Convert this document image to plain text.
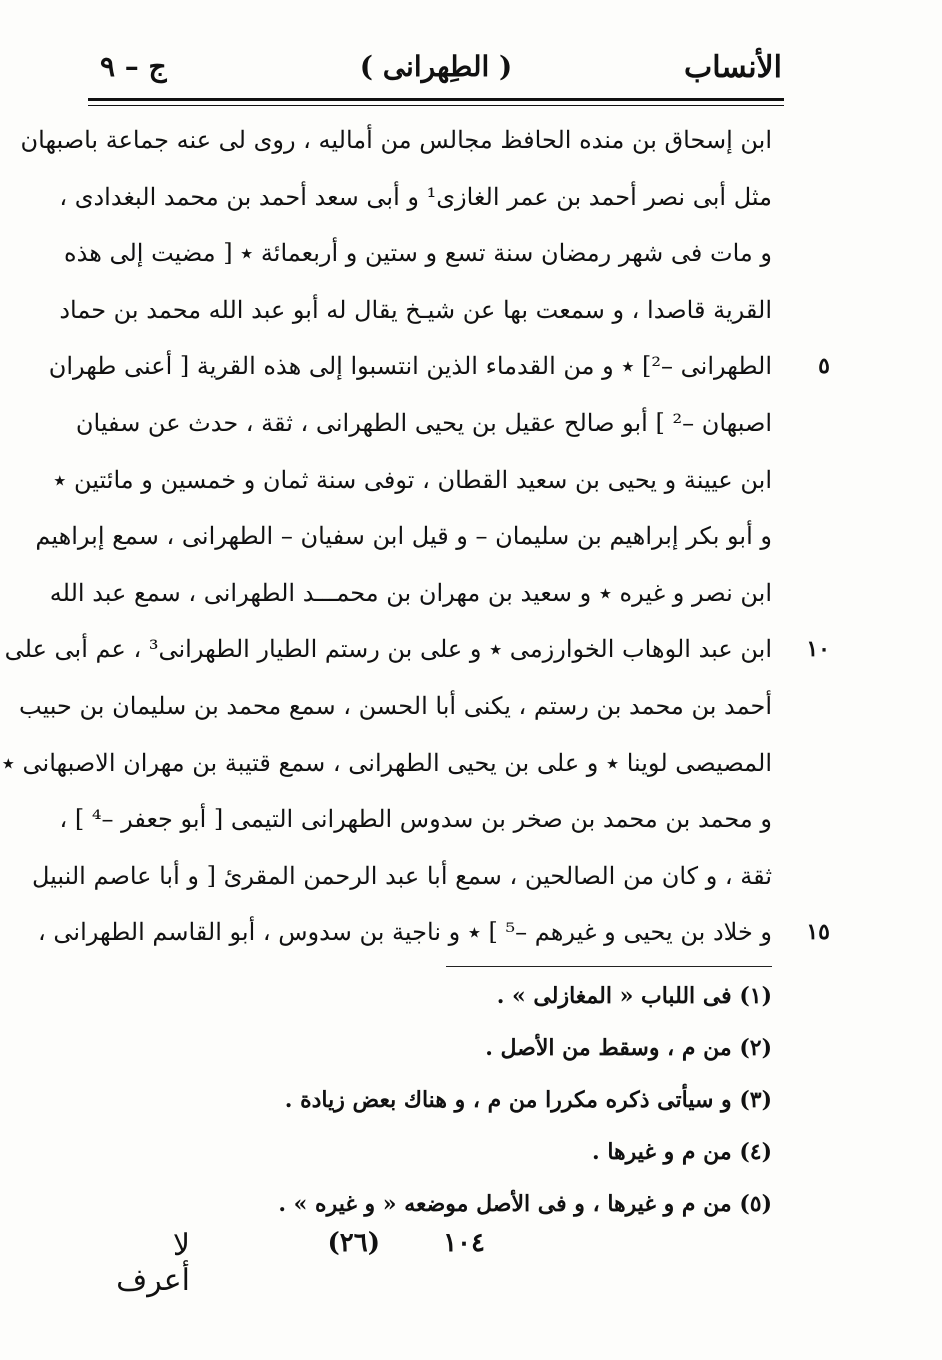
الأنساب
( الطِهرانی )
ج – ٩
ابن إسحاق بن منده الحافظ مجالس من أماليه ، روى لى عنه جماعة باصبهان
مثل أبى نصر أحمد بن عمر الغازى¹ و أبى سعد أحمد بن محمد البغدادى ،
و مات فى شهر رمضان سنة تسع و ستين و أربعمائة ٭ [ مضيت إلى هذه
القرية قاصدا ، و سمعت بها عن شيـخ يقال له أبو عبد الله محمد بن حماد
٥
الطهرانى –²] ٭ و من القدماء الذين انتسبوا إلى هذه القرية [ أعنى طهران
اصبهان –² ] أبو صالح عقيل بن يحيى الطهرانى ، ثقة ، حدث عن سفيان
ابن عيينة و يحيى بن سعيد القطان ، توفى سنة ثمان و خمسين و مائتين ٭
و أبو بكر إبراهيم بن سليمان – و قيل ابن سفيان – الطهرانى ، سمع إبراهيم
ابن نصر و غيره ٭ و سعيد بن مهران بن محمـــد الطهرانى ، سمع عبد الله
١٠
ابن عبد الوهاب الخوارزمى ٭ و على بن رستم الطيار الطهرانى³ ، عم أبى على
أحمد بن محمد بن رستم ، يكنى أبا الحسن ، سمع محمد بن سليمان بن حبيب
المصيصى لوينا ٭ و على بن يحيى الطهرانى ، سمع قتيبة بن مهران الاصبهانى ٭
و محمد بن محمد بن صخر بن سدوس الطهرانى التيمى [ أبو جعفر –⁴ ] ،
ثقة ، و كان من الصالحين ، سمع أبا عبد الرحمن المقرئ [ و أبا عاصم النبيل
١٥
و خلاد بن يحيى و غيرهم –⁵ ] ٭ و ناجية بن سدوس ، أبو القاسم الطهرانى ،
(١) فى اللباب « المغازلى » .
(٢) من م ، وسقط من الأصل .
(٣) و سيأتى ذكره مكررا من م ، و هناك بعض زيادة .
(٤) من م و غيرها .
(٥) من م و غيرها ، و فى الأصل موضعه « و غيره » .
١٠٤
(٢٦)
لا أعرف
